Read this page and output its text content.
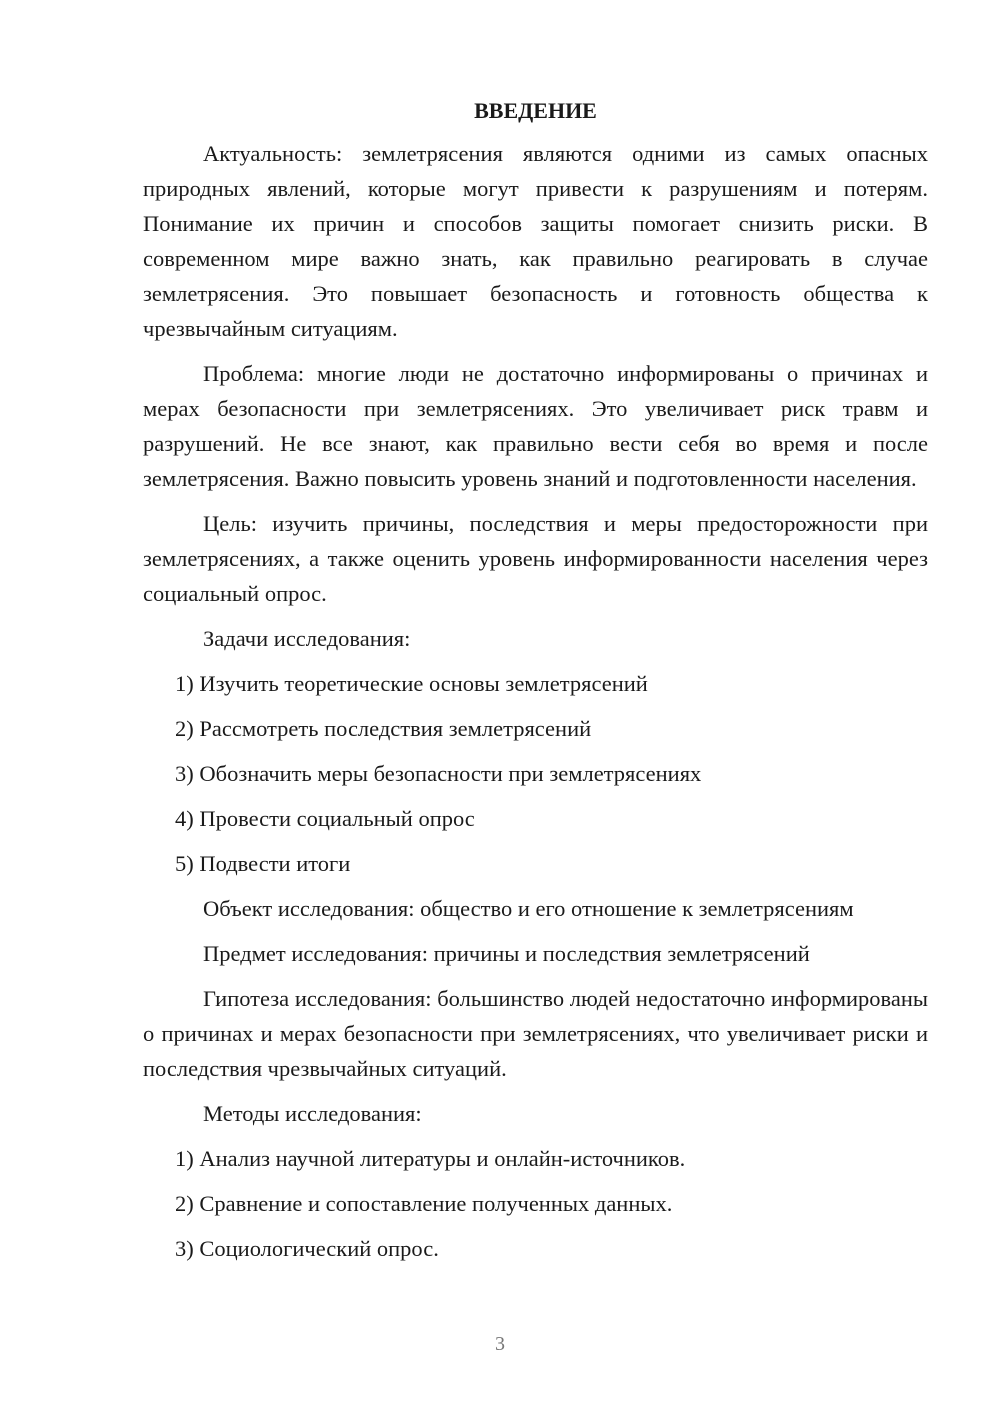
ВВЕДЕНИЕ

Актуальность: землетрясения являются одними из самых опасных природных явлений, которые могут привести к разрушениям и потерям. Понимание их причин и способов защиты помогает снизить риски. В современном мире важно знать, как правильно реагировать в случае землетрясения. Это повышает безопасность и готовность общества к чрезвычайным ситуациям.

Проблема: многие люди не достаточно информированы о причинах и мерах безопасности при землетрясениях. Это увеличивает риск травм и разрушений. Не все знают, как правильно вести себя во время и после землетрясения. Важно повысить уровень знаний и подготовленности населения.

Цель: изучить причины, последствия и меры предосторожности при землетрясениях, а также оценить уровень информированности населения через социальный опрос.

Задачи исследования:

1) Изучить теоретические основы землетрясений

2) Рассмотреть последствия землетрясений

3) Обозначить меры безопасности при землетрясениях

4) Провести социальный опрос

5) Подвести итоги

Объект исследования: общество и его отношение к землетрясениям

Предмет исследования: причины и последствия землетрясений

Гипотеза исследования: большинство людей недостаточно информированы о причинах и мерах безопасности при землетрясениях, что увеличивает риски и последствия чрезвычайных ситуаций.

Методы исследования:

1) Анализ научной литературы и онлайн-источников.

2) Сравнение и сопоставление полученных данных.

3) Социологический опрос.

3
